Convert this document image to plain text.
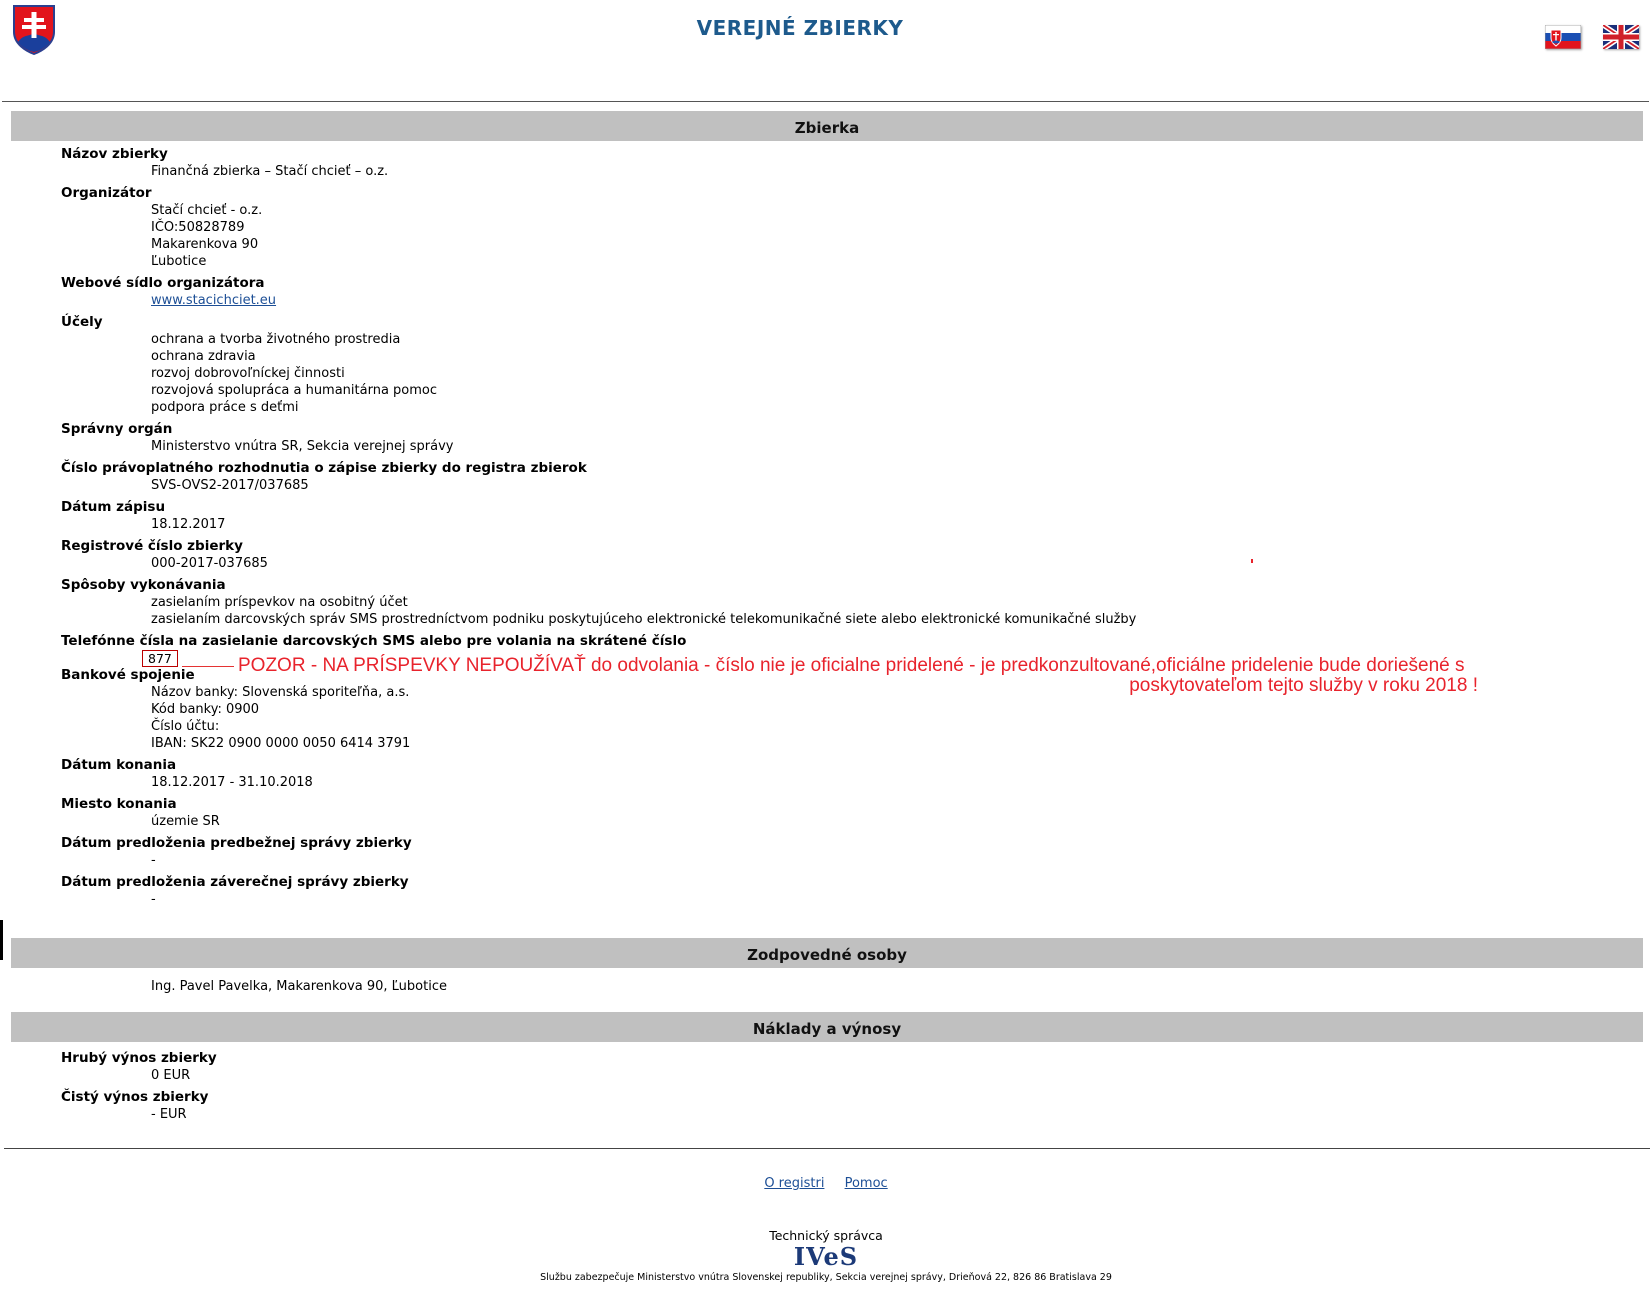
VEREJNÉ ZBIERKY
Zbierka
Názov zbierky
Finančná zbierka – Stačí chcieť – o.z.
Organizátor
Stačí chcieť - o.z.
IČO:50828789
Makarenkova 90
Ľubotice
Webové sídlo organizátora
www.stacichciet.eu
Účely
ochrana a tvorba životného prostredia
ochrana zdravia
rozvoj dobrovoľníckej činnosti
rozvojová spolupráca a humanitárna pomoc
podpora práce s deťmi
Správny orgán
Ministerstvo vnútra SR, Sekcia verejnej správy
Číslo právoplatného rozhodnutia o zápise zbierky do registra zbierok
SVS-OVS2-2017/037685
Dátum zápisu
18.12.2017
Registrové číslo zbierky
000-2017-037685
Spôsoby vykonávania
zasielaním príspevkov na osobitný účet
zasielaním darcovských správ SMS prostredníctvom podniku poskytujúceho elektronické telekomunikačné siete alebo elektronické komunikačné služby
Telefónne čísla na zasielanie darcovských SMS alebo pre volania na skrátené číslo
877
Bankové spojenie
Názov banky: Slovenská sporiteľňa, a.s.
Kód banky: 0900
Číslo účtu:
IBAN: SK22 0900 0000 0050 6414 3791
Dátum konania
18.12.2017 - 31.10.2018
Miesto konania
územie SR
Dátum predloženia predbežnej správy zbierky
-
Dátum predloženia záverečnej správy zbierky
-
POZOR - NA PRÍSPEVKY NEPOUŽÍVAŤ do odvolania - číslo nie je oficialne pridelené - je predkonzultované,oficiálne pridelenie bude doriešené s
poskytovateľom tejto služby v roku 2018 !
Zodpovedné osoby
Ing. Pavel Pavelka, Makarenkova 90, Ľubotice
Náklady a výnosy
Hrubý výnos zbierky
0 EUR
Čistý výnos zbierky
- EUR
O registri Pomoc
Technický správca
IVeS
Službu zabezpečuje Ministerstvo vnútra Slovenskej republiky, Sekcia verejnej správy, Drieňová 22, 826 86 Bratislava 29
